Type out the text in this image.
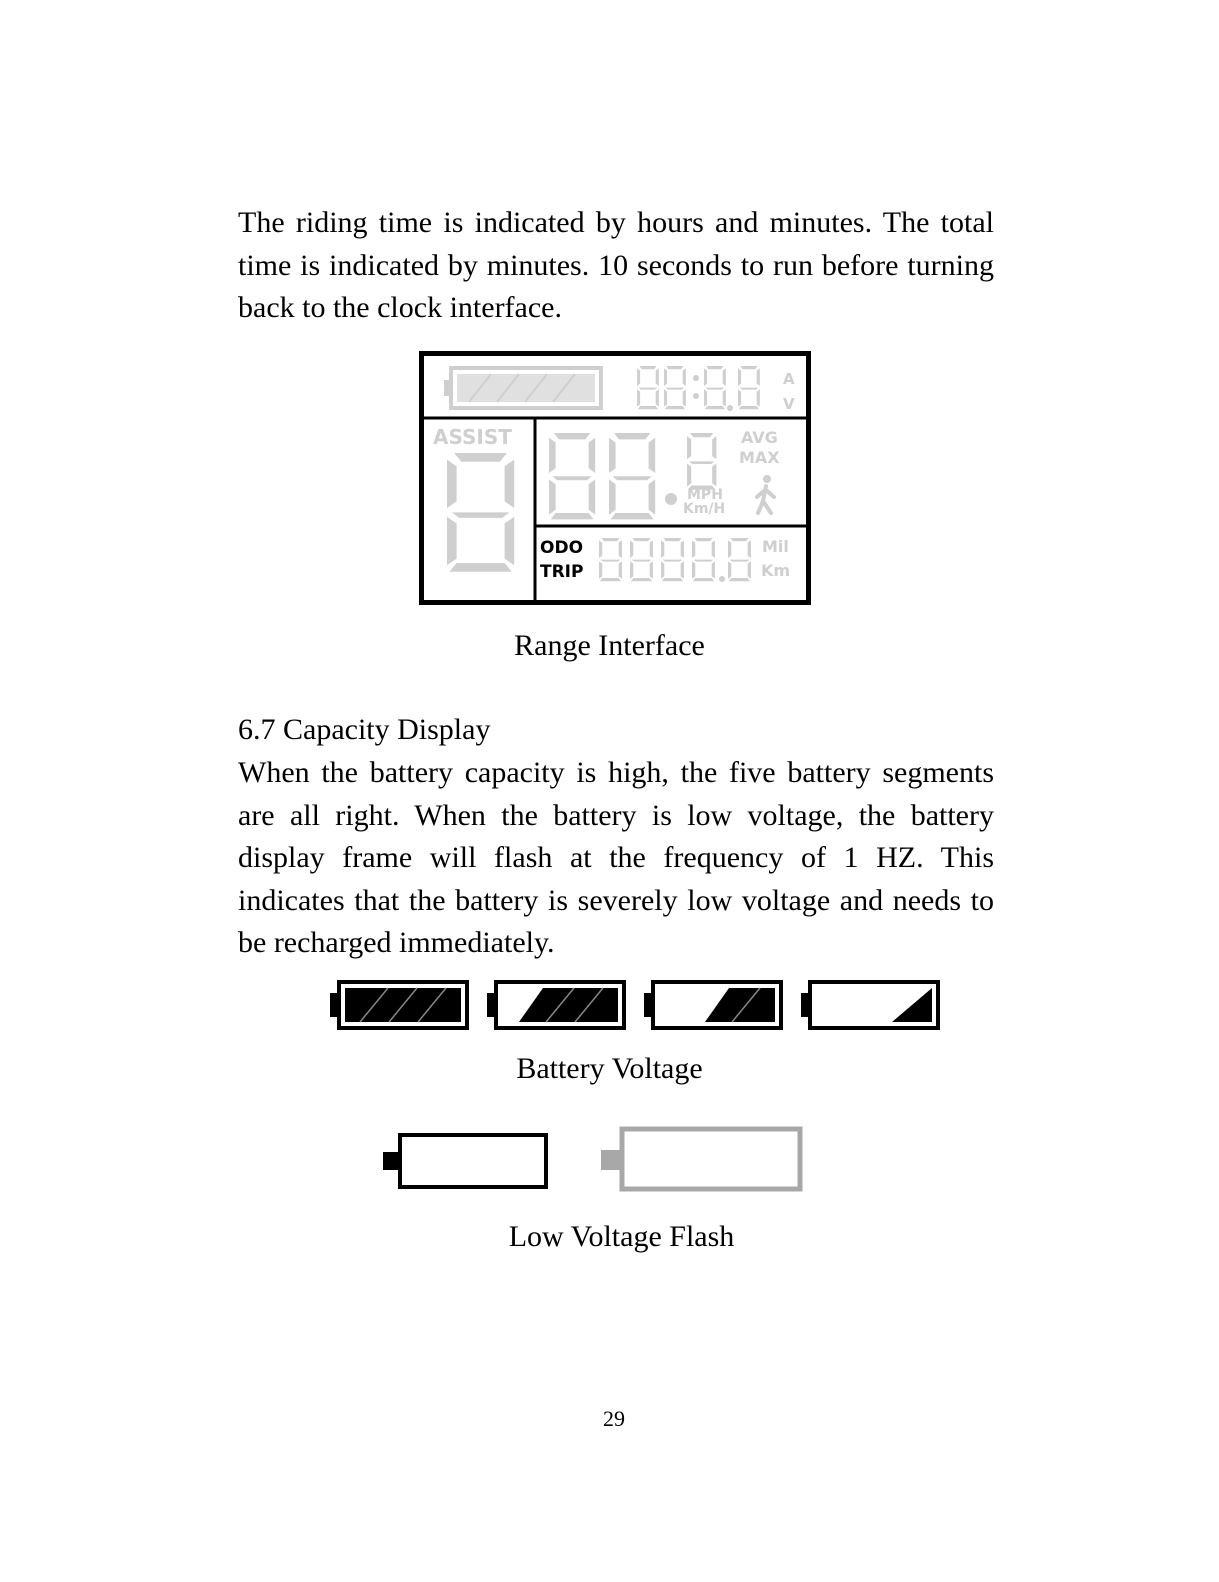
The riding time is indicated by hours and minutes. The total time is indicated by minutes. 10 seconds to run before turning back to the clock interface.

A
V
ASSIST	AVG
MAX
MPH
Km/H
ODO
TRIP
Mil
Km

Range Interface

6.7 Capacity Display

When the battery capacity is high, the five battery segments are all right. When the battery is low voltage, the battery display frame will flash at the frequency of 1 HZ. This indicates that the battery is severely low voltage and needs to be recharged immediately.

Battery Voltage

Low Voltage Flash

29
